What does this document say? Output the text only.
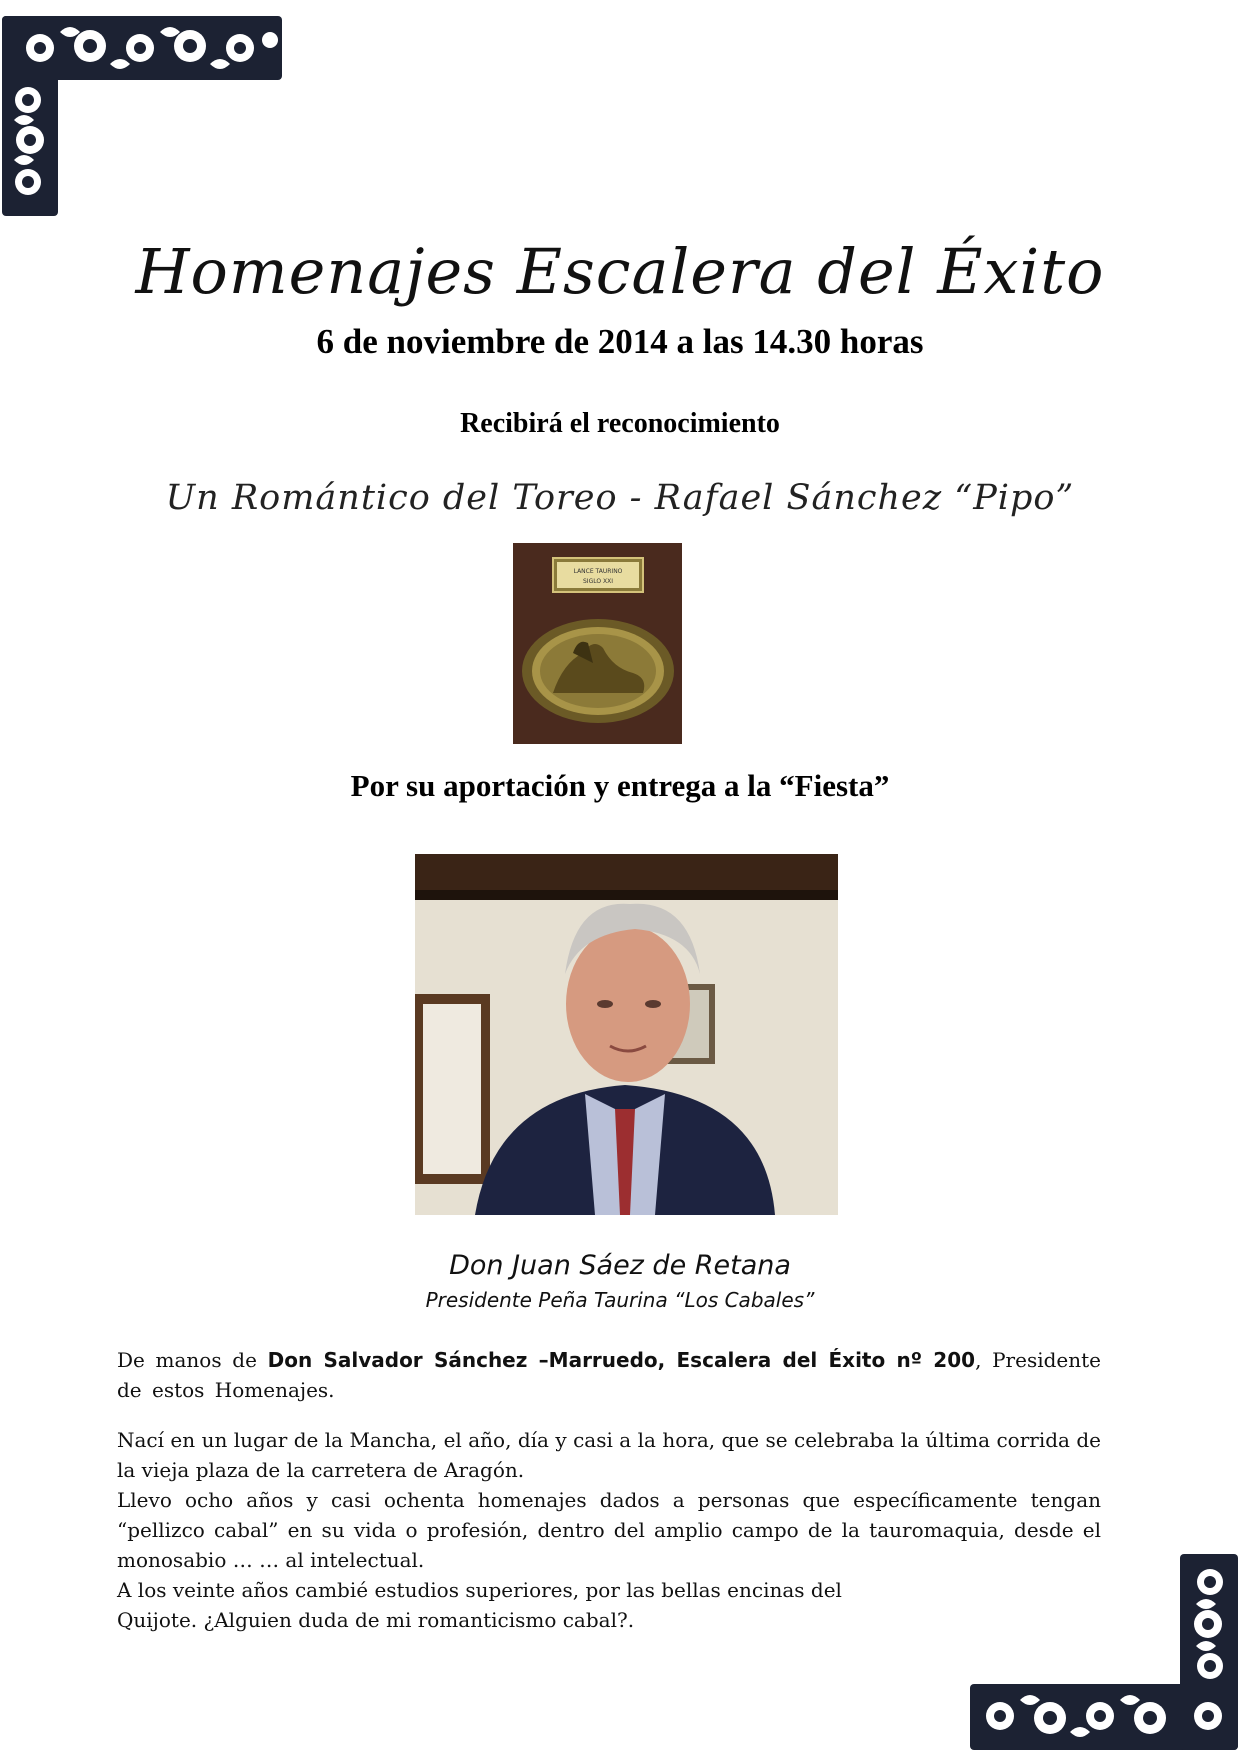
Homenajes Escalera del Éxito
6 de noviembre de 2014 a las 14.30 horas
Recibirá el reconocimiento
Un Romántico del Toreo - Rafael Sánchez “Pipo”
LANCE TAURINO
SIGLO XXI
Por su aportación y entrega a la “Fiesta”
Don Juan Sáez de Retana
Presidente Peña Taurina “Los Cabales”
De manos de Don Salvador Sánchez –Marruedo, Escalera del Éxito nº 200, Presidente de estos Homenajes.

Nací en un lugar de la Mancha, el año, día y casi a la hora, que se celebraba la última corrida de la vieja plaza de la carretera de Aragón.

Llevo ocho años y casi ochenta homenajes dados a personas que específicamente tengan “pellizco cabal” en su vida o profesión, dentro del amplio campo de la tauromaquia, desde el monosabio … … al intelectual.

A los veinte años cambié estudios superiores, por las bellas encinas del

Quijote. ¿Alguien duda de mi romanticismo cabal?.
